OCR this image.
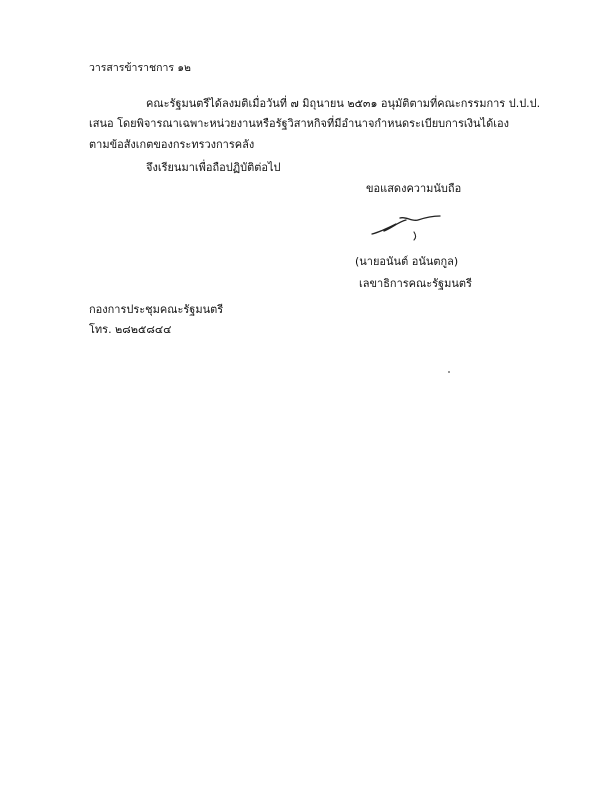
วารสารข้าราชการ ๑๒
คณะรัฐมนตรีได้ลงมติเมื่อวันที่ ๗ มิถุนายน ๒๕๓๑ อนุมัติตามที่คณะกรรมการ ป.ป.ป.
เสนอ โดยพิจารณาเฉพาะหน่วยงานหรือรัฐวิสาหกิจที่มีอำนาจกำหนดระเบียบการเงินได้เอง
ตามข้อสังเกตของกระทรวงการคลัง
จึงเรียนมาเพื่อถือปฏิบัติต่อไป
ขอแสดงความนับถือ
(นายอนันต์ อนันตกูล)
เลขาธิการคณะรัฐมนตรี
กองการประชุมคณะรัฐมนตรี
โทร. ๒๘๒๕๘๔๔
